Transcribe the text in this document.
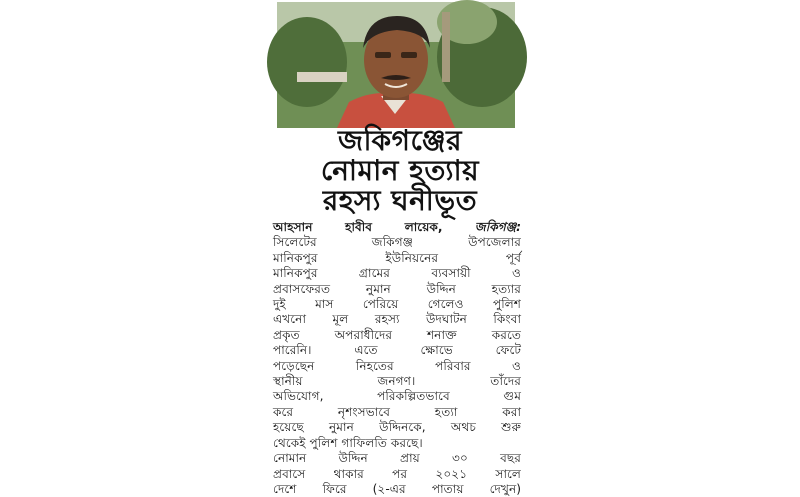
জকিগঞ্জের
নোমান হত্যায়
রহস্য ঘনীভূত
আহসান হাবীব লায়েক,	জকিগঞ্জ:
সিলেটের জকিগঞ্জ উপজেলার
মানিকপুর ইউনিয়নের পূর্ব
মানিকপুর গ্রামের ব্যবসায়ী ও
প্রবাসফেরত নুমান উদ্দিন হত্যার
দুই মাস পেরিয়ে গেলেও পুলিশ
এখনো মূল রহস্য উদঘাটন কিংবা
প্রকৃত অপরাধীদের শনাক্ত করতে
পারেনি। এতে ক্ষোভে ফেটে
পড়েছেন নিহতের পরিবার ও
স্থানীয় জনগণ। তাঁদের
অভিযোগ, পরিকল্পিতভাবে গুম
করে নৃশংসভাবে হত্যা করা
হয়েছে নুমান উদ্দিনকে, অথচ শুরু
থেকেই পুলিশ গাফিলতি করছে।
নোমান উদ্দিন প্রায় ৩০ বছর
প্রবাসে থাকার পর ২০২১ সালে
দেশে ফিরে (২-এর পাতায় দেখুন)
